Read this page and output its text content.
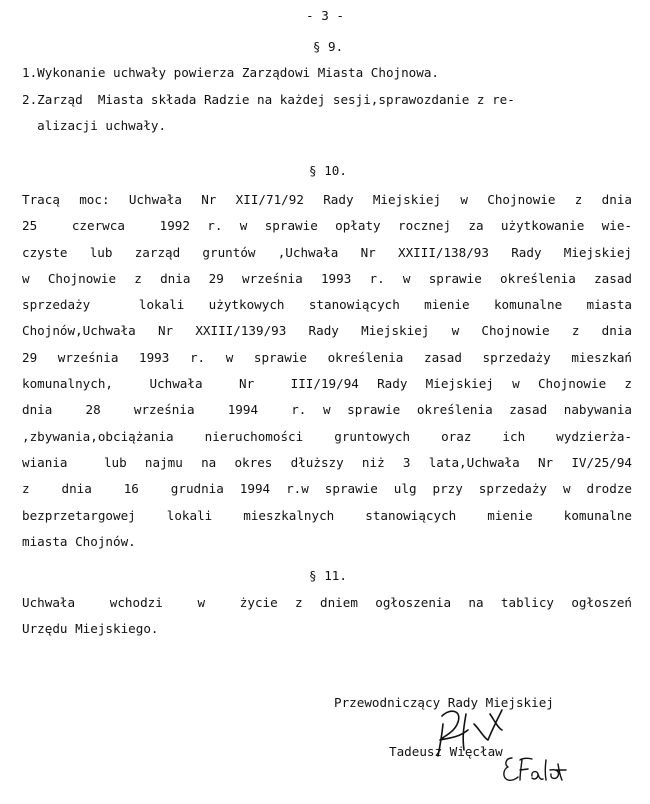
- 3 -
§ 9.
1.Wykonanie uchwały powierza Zarządowi Miasta Chojnowa.
2.Zarząd  Miasta składa Radzie na każdej sesji,sprawozdanie z re-
alizacji uchwały.
§ 10.
Tracą moc: Uchwała Nr XII/71/92 Rady Miejskiej w Chojnowie z dnia
25  czerwca  1992 r. w sprawie opłaty rocznej za użytkowanie wie-
czyste lub zarząd gruntów ,Uchwała Nr XXIII/138/93 Rady Miejskiej
w Chojnowie z dnia 29 września 1993 r. w sprawie określenia zasad
sprzedaży  lokali użytkowych stanowiących mienie komunalne miasta
Chojnów,Uchwała Nr XXIII/139/93 Rady Miejskiej w Chojnowie z dnia
29 września 1993 r. w sprawie określenia zasad sprzedaży mieszkań
komunalnych,  Uchwała  Nr  III/19/94 Rady Miejskiej w Chojnowie z
dnia  28  września  1994  r. w sprawie określenia zasad nabywania
,zbywania,obciążania nieruchomości gruntowych oraz ich wydzierża-
wiania  lub najmu na okres dłuższy niż 3 lata,Uchwała Nr IV/25/94
z  dnia  16  grudnia 1994 r.w sprawie ulg przy sprzedaży w drodze
bezprzetargowej lokali mieszkalnych stanowiących mienie komunalne
miasta Chojnów.
§ 11.
Uchwała  wchodzi  w  życie z dniem ogłoszenia na tablicy ogłoszeń
Urzędu Miejskiego.
Przewodniczący Rady Miejskiej
Tadeusz Więcław
